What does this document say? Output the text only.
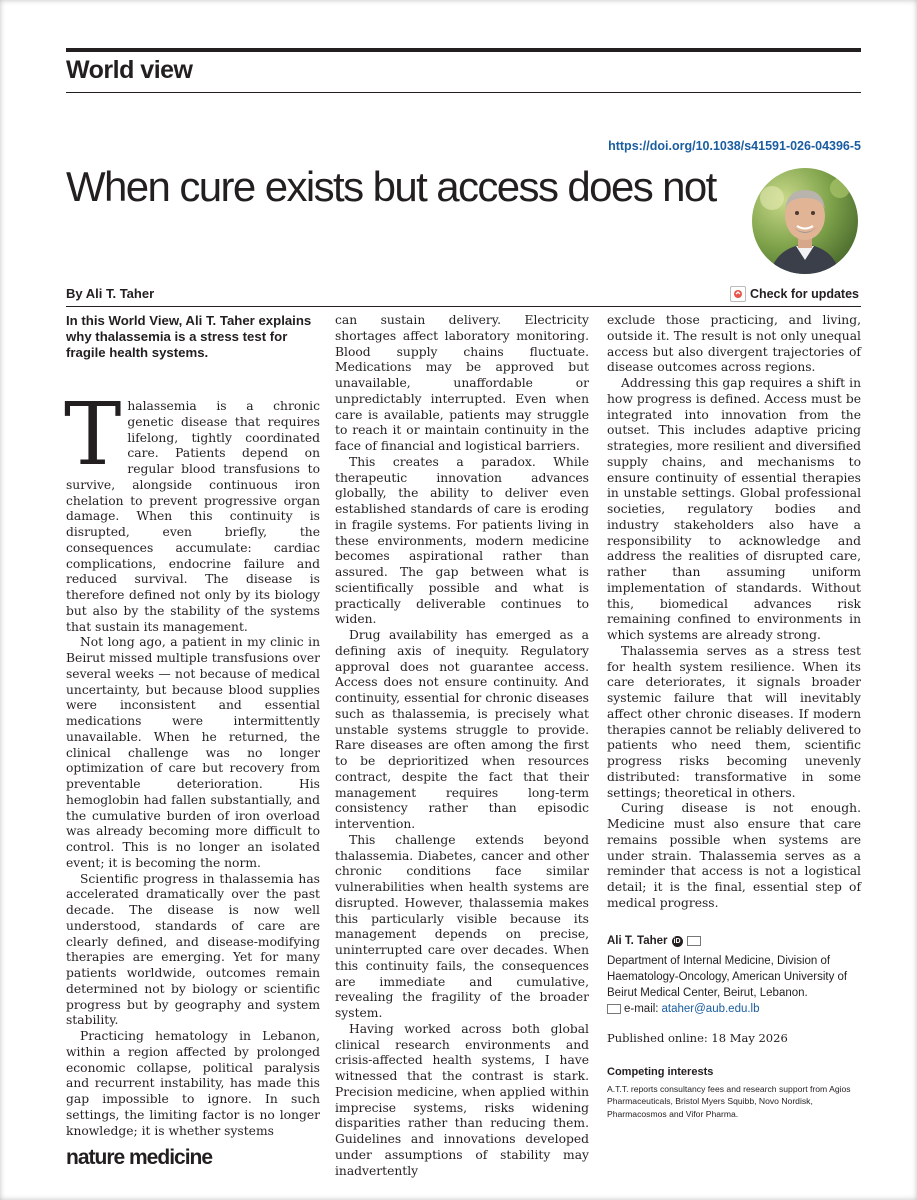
World view
https://doi.org/10.1038/s41591-026-04396-5
When cure exists but access does not
By Ali T. Taher	Check for updates

In this World View, Ali T. Taher explains why thalassemia is a stress test for fragile health systems.

Thalassemia is a chronic genetic disease that requires lifelong, tightly coordinated care. Patients depend on regular blood transfusions to survive, alongside continuous iron chelation to prevent progressive organ damage. When this continuity is disrupted, even briefly, the consequences accumulate: cardiac complications, endocrine failure and reduced survival. The disease is therefore defined not only by its biology but also by the stability of the systems that sustain its management.

Not long ago, a patient in my clinic in Beirut missed multiple transfusions over several weeks — not because of medical uncertainty, but because blood supplies were inconsistent and essential medications were intermittently unavailable. When he returned, the clinical challenge was no longer optimization of care but recovery from preventable deterioration. His hemoglobin had fallen substantially, and the cumulative burden of iron overload was already becoming more difficult to control. This is no longer an isolated event; it is becoming the norm.

Scientific progress in thalassemia has accelerated dramatically over the past decade. The disease is now well understood, standards of care are clearly defined, and disease-modifying therapies are emerging. Yet for many patients worldwide, outcomes remain determined not by biology or scientific progress but by geography and system stability.

Practicing hematology in Lebanon, within a region affected by prolonged economic collapse, political paralysis and recurrent instability, has made this gap impossible to ignore. In such settings, the limiting factor is no longer knowledge; it is whether systems

can sustain delivery. Electricity shortages affect laboratory monitoring. Blood supply chains fluctuate. Medications may be approved but unavailable, unaffordable or unpredictably interrupted. Even when care is available, patients may struggle to reach it or maintain continuity in the face of financial and logistical barriers.

This creates a paradox. While therapeutic innovation advances globally, the ability to deliver even established standards of care is eroding in fragile systems. For patients living in these environments, modern medicine becomes aspirational rather than assured. The gap between what is scientifically possible and what is practically deliverable continues to widen.

Drug availability has emerged as a defining axis of inequity. Regulatory approval does not guarantee access. Access does not ensure continuity. And continuity, essential for chronic diseases such as thalassemia, is precisely what unstable systems struggle to provide. Rare diseases are often among the first to be deprioritized when resources contract, despite the fact that their management requires long-term consistency rather than episodic intervention.

This challenge extends beyond thalassemia. Diabetes, cancer and other chronic conditions face similar vulnerabilities when health systems are disrupted. However, thalassemia makes this particularly visible because its management depends on precise, uninterrupted care over decades. When this continuity fails, the consequences are immediate and cumulative, revealing the fragility of the broader system.

Having worked across both global clinical research environments and crisis-affected health systems, I have witnessed that the contrast is stark. Precision medicine, when applied within imprecise systems, risks widening disparities rather than reducing them. Guidelines and innovations developed under assumptions of stability may inadvertently

exclude those practicing, and living, outside it. The result is not only unequal access but also divergent trajectories of disease outcomes across regions.

Addressing this gap requires a shift in how progress is defined. Access must be integrated into innovation from the outset. This includes adaptive pricing strategies, more resilient and diversified supply chains, and mechanisms to ensure continuity of essential therapies in unstable settings. Global professional societies, regulatory bodies and industry stakeholders also have a responsibility to acknowledge and address the realities of disrupted care, rather than assuming uniform implementation of standards. Without this, biomedical advances risk remaining confined to environments in which systems are already strong.

Thalassemia serves as a stress test for health system resilience. When its care deteriorates, it signals broader systemic failure that will inevitably affect other chronic diseases. If modern therapies cannot be reliably delivered to patients who need them, scientific progress risks becoming unevenly distributed: transformative in some settings; theoretical in others.

Curing disease is not enough. Medicine must also ensure that care remains possible when systems are under strain. Thalassemia serves as a reminder that access is not a logistical detail; it is the final, essential step of medical progress.

Ali T. Taher iD
Department of Internal Medicine, Division of Haematology-Oncology, American University of Beirut Medical Center, Beirut, Lebanon.
e-mail: ataher@aub.edu.lb
Published online: 18 May 2026
Competing interests
A.T.T. reports consultancy fees and research support from Agios Pharmaceuticals, Bristol Myers Squibb, Novo Nordisk, Pharmacosmos and Vifor Pharma.
nature medicine
